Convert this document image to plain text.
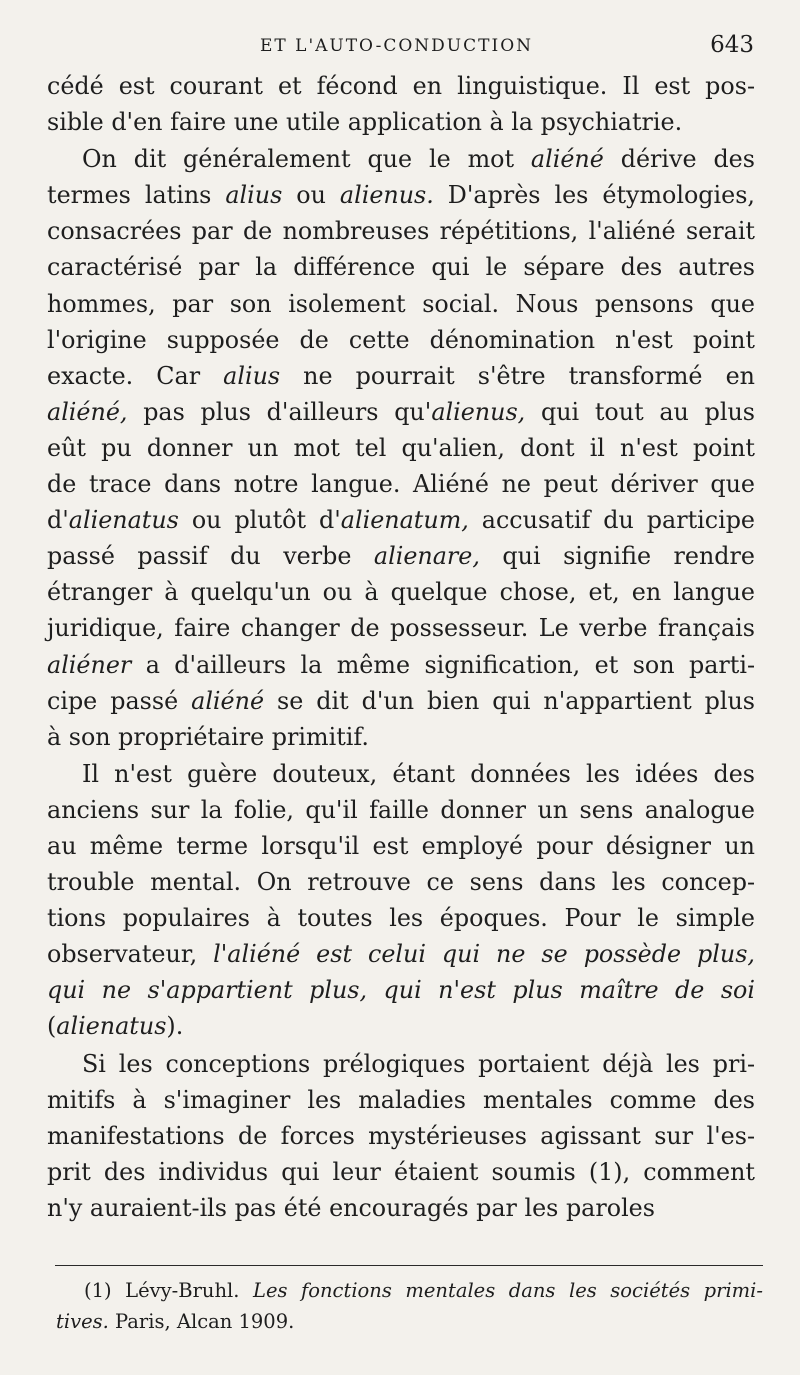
ET L'AUTO-CONDUCTION	643

cédé est courant et fécond en linguistique. Il est pos-
sible d'en faire une utile application à la psychiatrie.

On dit généralement que le mot aliéné dérive des
termes latins alius ou alienus. D'après les étymologies,
consacrées par de nombreuses répétitions, l'aliéné serait
caractérisé par la différence qui le sépare des autres
hommes, par son isolement social. Nous pensons que
l'origine supposée de cette dénomination n'est point
exacte. Car alius ne pourrait s'être transformé en
aliéné, pas plus d'ailleurs qu'alienus, qui tout au plus
eût pu donner un mot tel qu'alien, dont il n'est point
de trace dans notre langue. Aliéné ne peut dériver que
d'alienatus ou plutôt d'alienatum, accusatif du participe
passé passif du verbe alienare, qui signifie rendre
étranger à quelqu'un ou à quelque chose, et, en langue
juridique, faire changer de possesseur. Le verbe français
aliéner a d'ailleurs la même signification, et son parti-
cipe passé aliéné se dit d'un bien qui n'appartient plus
à son propriétaire primitif.

Il n'est guère douteux, étant données les idées des
anciens sur la folie, qu'il faille donner un sens analogue
au même terme lorsqu'il est employé pour désigner un
trouble mental. On retrouve ce sens dans les concep-
tions populaires à toutes les époques. Pour le simple
observateur, l'aliéné est celui qui ne se possède plus,
qui ne s'appartient plus, qui n'est plus maître de soi
(alienatus).

Si les conceptions prélogiques portaient déjà les pri-
mitifs à s'imaginer les maladies mentales comme des
manifestations de forces mystérieuses agissant sur l'es-
prit des individus qui leur étaient soumis (1), comment
n'y auraient-ils pas été encouragés par les paroles

(1) Lévy-Bruhl. Les fonctions mentales dans les sociétés primi-
tives. Paris, Alcan 1909.
